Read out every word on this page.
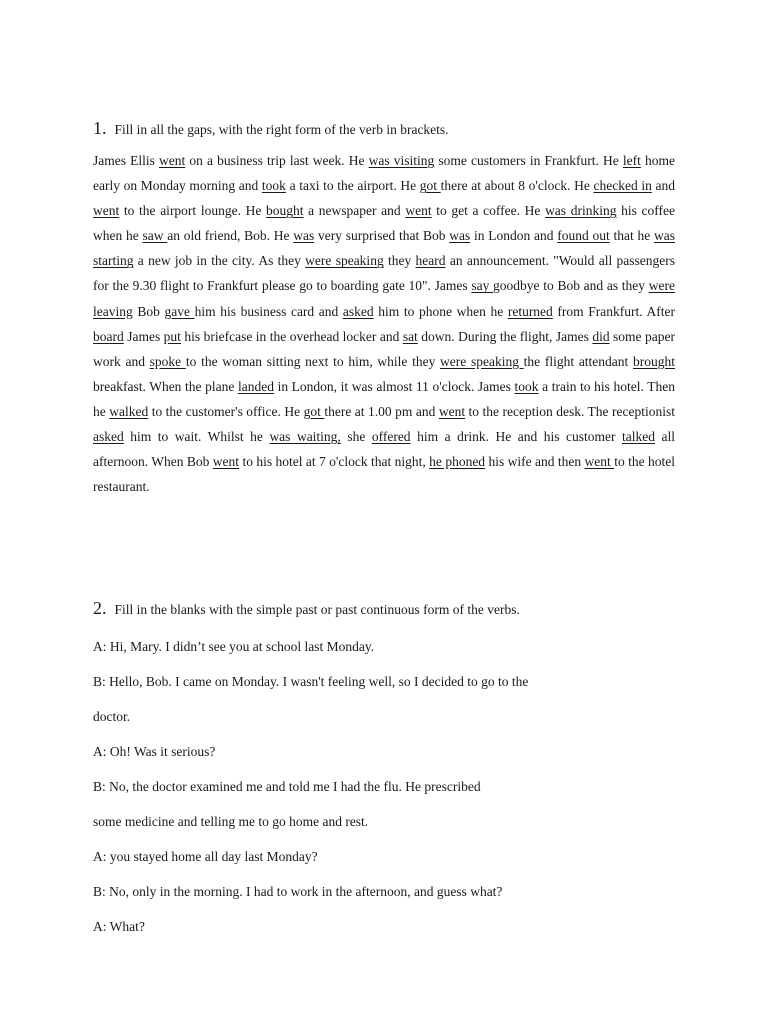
1. Fill in all the gaps, with the right form of the verb in brackets.
James Ellis went on a business trip last week. He was visiting some customers in Frankfurt. He left home early on Monday morning and took a taxi to the airport. He got there at about 8 o'clock. He checked in and went to the airport lounge. He bought a newspaper and went to get a coffee. He was drinking his coffee when he saw an old friend, Bob. He was very surprised that Bob was in London and found out that he was starting a new job in the city. As they were speaking they heard an announcement. "Would all passengers for the 9.30 flight to Frankfurt please go to boarding gate 10". James say goodbye to Bob and as they were leaving Bob gave him his business card and asked him to phone when he returned from Frankfurt. After board James put his briefcase in the overhead locker and sat down. During the flight, James did some paper work and spoke to the woman sitting next to him, while they were speaking the flight attendant brought breakfast. When the plane landed in London, it was almost 11 o'clock. James took a train to his hotel. Then he walked to the customer's office. He got there at 1.00 pm and went to the reception desk. The receptionist asked him to wait. Whilst he was waiting, she offered him a drink. He and his customer talked all afternoon. When Bob went to his hotel at 7 o'clock that night, he phoned his wife and then went to the hotel restaurant.
2. Fill in the blanks with the simple past or past continuous form of the verbs.
A: Hi, Mary. I didn’t see you at school last Monday.
B: Hello, Bob. I came on Monday. I wasn't feeling well, so I decided to go to the
doctor.
A: Oh! Was it serious?
B: No, the doctor examined me and told me I had the flu. He prescribed
some medicine and telling me to go home and rest.
A: you stayed home all day last Monday?
B: No, only in the morning. I had to work in the afternoon, and guess what?
A: What?
